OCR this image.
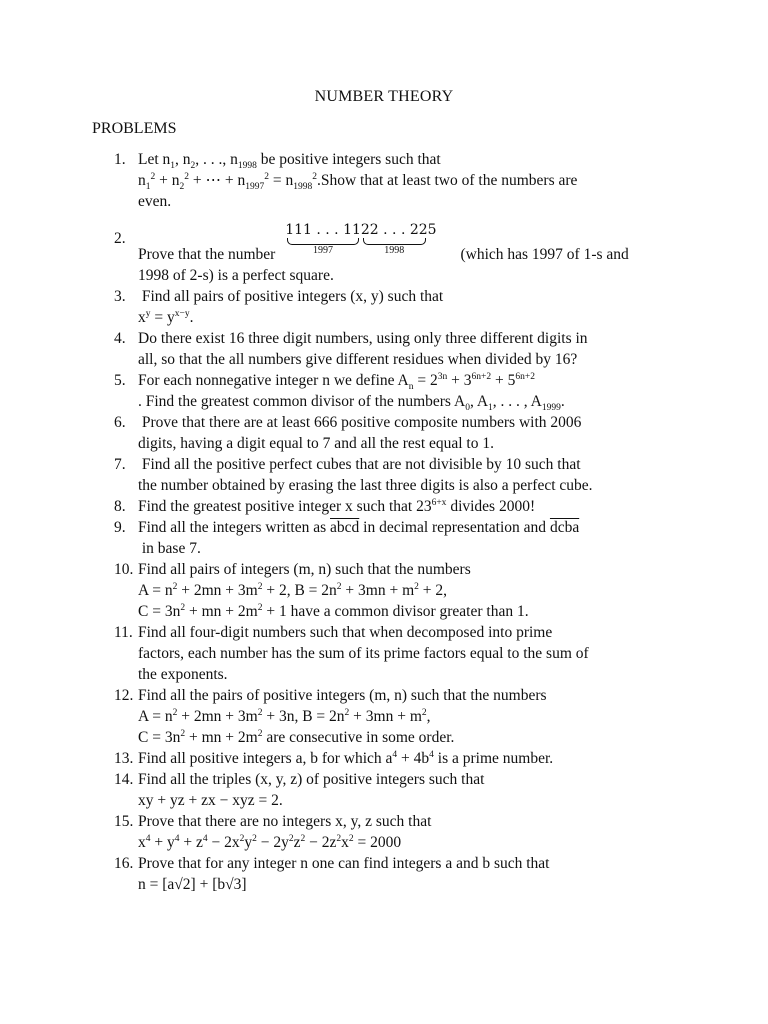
NUMBER THEORY
PROBLEMS
1. Let $n_1$, $n_2$, . . ., $n_{1998}$ be positive integers such that
$n_1^2 + n_2^2$ + ⋯ + $n_{1997}^2$ = $n_{1998}^2.Show$ that at least two of the numbers are
even.
2.
Prove that the number
111 . . . 11
1997
22 . . . 22
1998
5
(which has 1997 of 1-s and
1998 of 2-s) is a perfect square.
3. Find all pairs of positive integers (x, y) such that
$x^y = y^{x-y}$.
4. Do there exist 16 three digit numbers, using only three different digits in
all, so that the all numbers give different residues when divided by 16?
5. For each nonnegative integer n we define $A_n = 2^{3n} + 3^{6n+2} + 5^{6n+2}$
. Find the greatest common divisor of the numbers $A_0$, $A_1$, . . . , $A_{1999}$.
6. Prove that there are at least 666 positive composite numbers with 2006
digits, having a digit equal to 7 and all the rest equal to 1.
7. Find all the positive perfect cubes that are not divisible by 10 such that
the number obtained by erasing the last three digits is also a perfect cube.
8. Find the greatest positive integer x such that $23^{6+x}$ divides 2000!
9. Find all the integers written as abcd in decimal representation and dcba
in base 7.
10. Find all pairs of integers (m, n) such that the numbers
$A = n^2 + 2mn + 3m^2 + 2$, $B = 2n^2 + 3mn + m^2 + 2$,
$C = 3n^2$ + mn + $2m^2 + 1$ have a common divisor greater than 1.
11. Find all four-digit numbers such that when decomposed into prime
factors, each number has the sum of its prime factors equal to the sum of
the exponents.
12. Find all the pairs of positive integers (m, n) such that the numbers
$A = n^2 + 2mn + 3m^2 + 3n$, $B = 2n^2 + 3mn + m^2$,
$C = 3n^2$ + mn + $2m^2$ are consecutive in some order.
13. Find all positive integers a, b for which $a^4 + 4b^4$ is a prime number.
14. Find all the triples (x, y, z) of positive integers such that
xy + yz + zx − xyz = 2.
15. Prove that there are no integers x, y, z such that
$x^4 + y^4 + z^4 - 2x^2y^2 - 2y^2z^2 - 2z^2x^2 = 2000$
16. Prove that for any integer n one can find integers a and b such that
n = [a√2] + [b√3]
